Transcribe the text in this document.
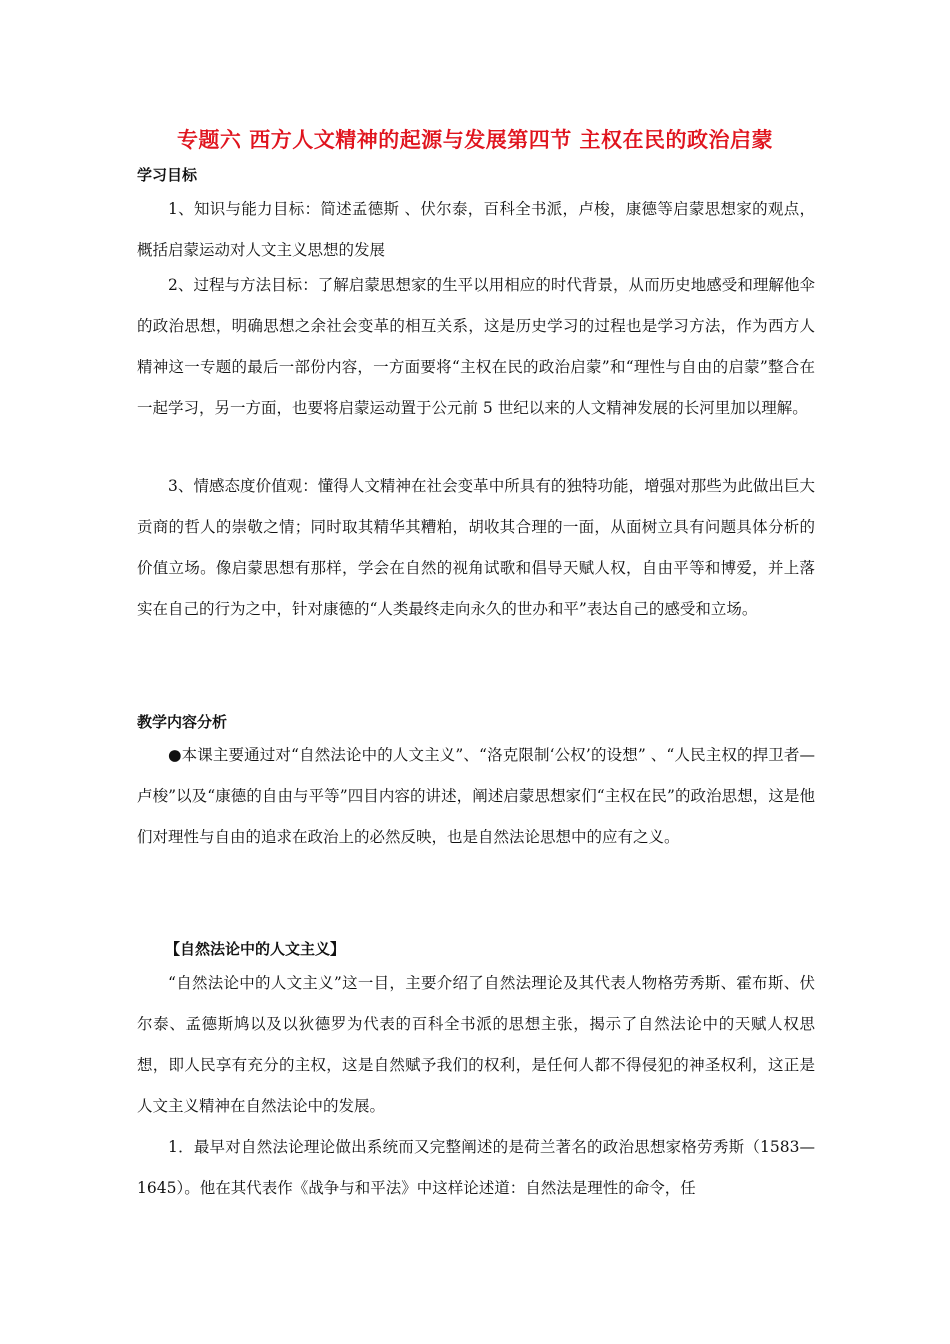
专题六 西方人文精神的起源与发展第四节 主权在民的政治启蒙
学习目标

1、知识与能力目标：简述孟德斯 、伏尔泰，百科全书派，卢梭，康德等启蒙思想家的观点，概括启蒙运动对人文主义思想的发展

2、过程与方法目标：了解启蒙思想家的生平以用相应的时代背景，从而历史地感受和理解他伞的政治思想，明确思想之余社会变革的相互关系，这是历史学习的过程也是学习方法，作为西方人精神这一专题的最后一部份内容，一方面要将“主权在民的政治启蒙”和“理性与自由的启蒙”整合在一起学习，另一方面，也要将启蒙运动置于公元前 5 世纪以来的人文精神发展的长河里加以理解。

3、情感态度价值观：懂得人文精神在社会变革中所具有的独特功能，增强对那些为此做出巨大贡商的哲人的崇敬之情；同时取其精华其糟粕，胡收其合理的一面，从面树立具有问题具体分析的价值立场。像启蒙思想有那样，学会在自然的视角试歌和倡导天赋人权，自由平等和博爱，并上落实在自己的行为之中，针对康德的“人类最终走向永久的世办和平”表达自己的感受和立场。

教学内容分析

●本课主要通过对“自然法论中的人文主义”、“洛克限制‘公权’的设想” 、“人民主权的捍卫者—卢梭”以及“康德的自由与平等”四目内容的讲述，阐述启蒙思想家们“主权在民”的政治思想，这是他们对理性与自由的追求在政治上的必然反映，也是自然法论思想中的应有之义。

【自然法论中的人文主义】

“自然法论中的人文主义”这一目，主要介绍了自然法理论及其代表人物格劳秀斯、霍布斯、伏尔泰、孟德斯鸠以及以狄德罗为代表的百科全书派的思想主张，揭示了自然法论中的天赋人权思想，即人民享有充分的主权，这是自然赋予我们的权利，是任何人都不得侵犯的神圣权利，这正是人文主义精神在自然法论中的发展。

1．最早对自然法论理论做出系统而又完整阐述的是荷兰著名的政治思想家格劳秀斯（1583—1645）。他在其代表作《战争与和平法》中这样论述道：自然法是理性的命令，任
